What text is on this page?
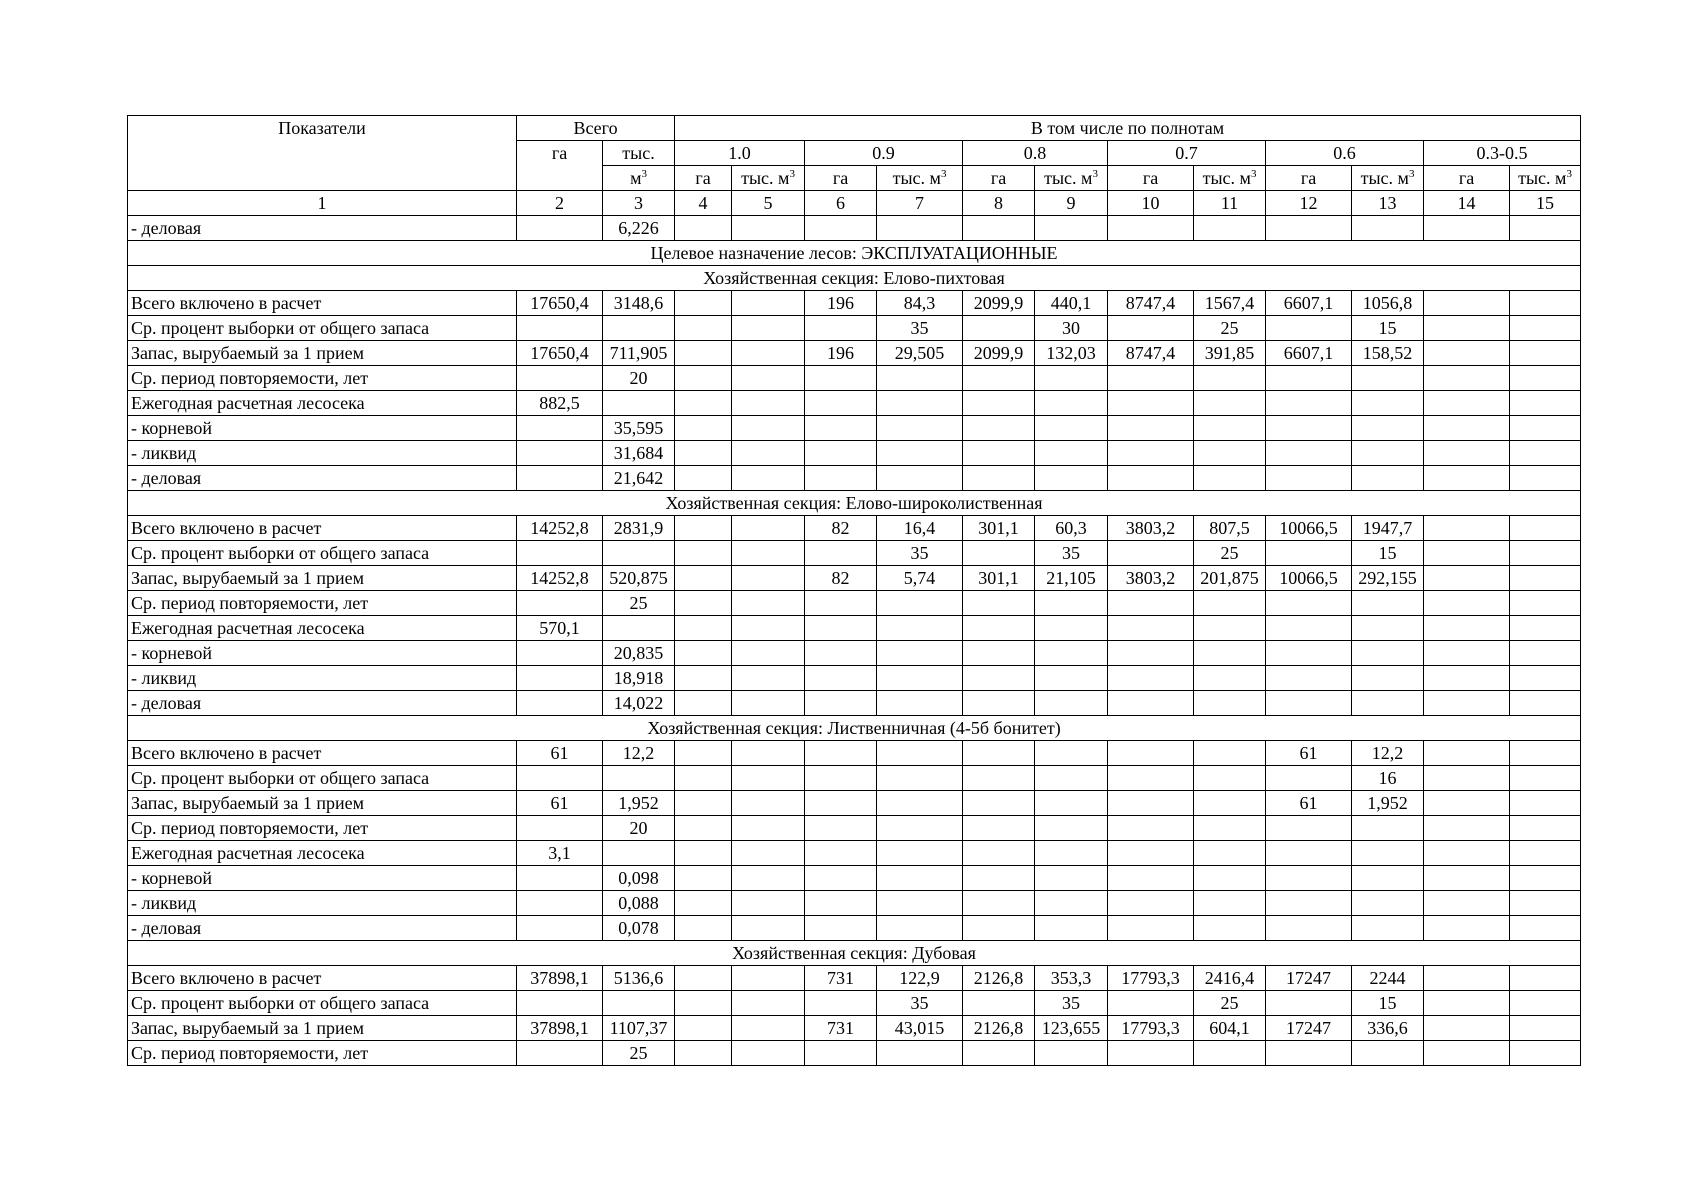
Показатели	Всего		В том числе по полнотам											
	га	тыс.	1.0		0.9		0.8		0.7		0.6		0.3-0.5	
		$м^3$	га	тыс. $м^3$	га	тыс. $м^3$	га	тыс. $м^3$	га	тыс. $м^3$	га	тыс. $м^3$	га	тыс. $м^3$
1	2	3	4	5	6	7	8	9	10	11	12	13	14	15
- деловая		6,226												
Целевое назначение лесов: ЭКСПЛУАТАЦИОННЫЕ														
Хозяйственная секция: Елово-пихтовая														
Всего включено в расчет	17650,4	3148,6			196	84,3	2099,9	440,1	8747,4	1567,4	6607,1	1056,8		
Ср. процент выборки от общего запаса						35		30		25		15		
Запас, вырубаемый за 1 прием	17650,4	711,905			196	29,505	2099,9	132,03	8747,4	391,85	6607,1	158,52		
Ср. период повторяемости, лет		20												
Ежегодная расчетная лесосека	882,5													
- корневой		35,595												
- ликвид		31,684												
- деловая		21,642												
Хозяйственная секция: Елово-широколиственная														
Всего включено в расчет	14252,8	2831,9			82	16,4	301,1	60,3	3803,2	807,5	10066,5	1947,7		
Ср. процент выборки от общего запаса						35		35		25		15		
Запас, вырубаемый за 1 прием	14252,8	520,875			82	5,74	301,1	21,105	3803,2	201,875	10066,5	292,155		
Ср. период повторяемости, лет		25												
Ежегодная расчетная лесосека	570,1													
- корневой		20,835												
- ликвид		18,918												
- деловая		14,022												
Хозяйственная секция: Лиственничная (4-5б бонитет)														
Всего включено в расчет	61	12,2									61	12,2		
Ср. процент выборки от общего запаса												16		
Запас, вырубаемый за 1 прием	61	1,952									61	1,952		
Ср. период повторяемости, лет		20												
Ежегодная расчетная лесосека	3,1													
- корневой		0,098												
- ликвид		0,088												
- деловая		0,078												
Хозяйственная секция: Дубовая														
Всего включено в расчет	37898,1	5136,6			731	122,9	2126,8	353,3	17793,3	2416,4	17247	2244		
Ср. процент выборки от общего запаса						35		35		25		15		
Запас, вырубаемый за 1 прием	37898,1	1107,37			731	43,015	2126,8	123,655	17793,3	604,1	17247	336,6		
Ср. период повторяемости, лет		25												
